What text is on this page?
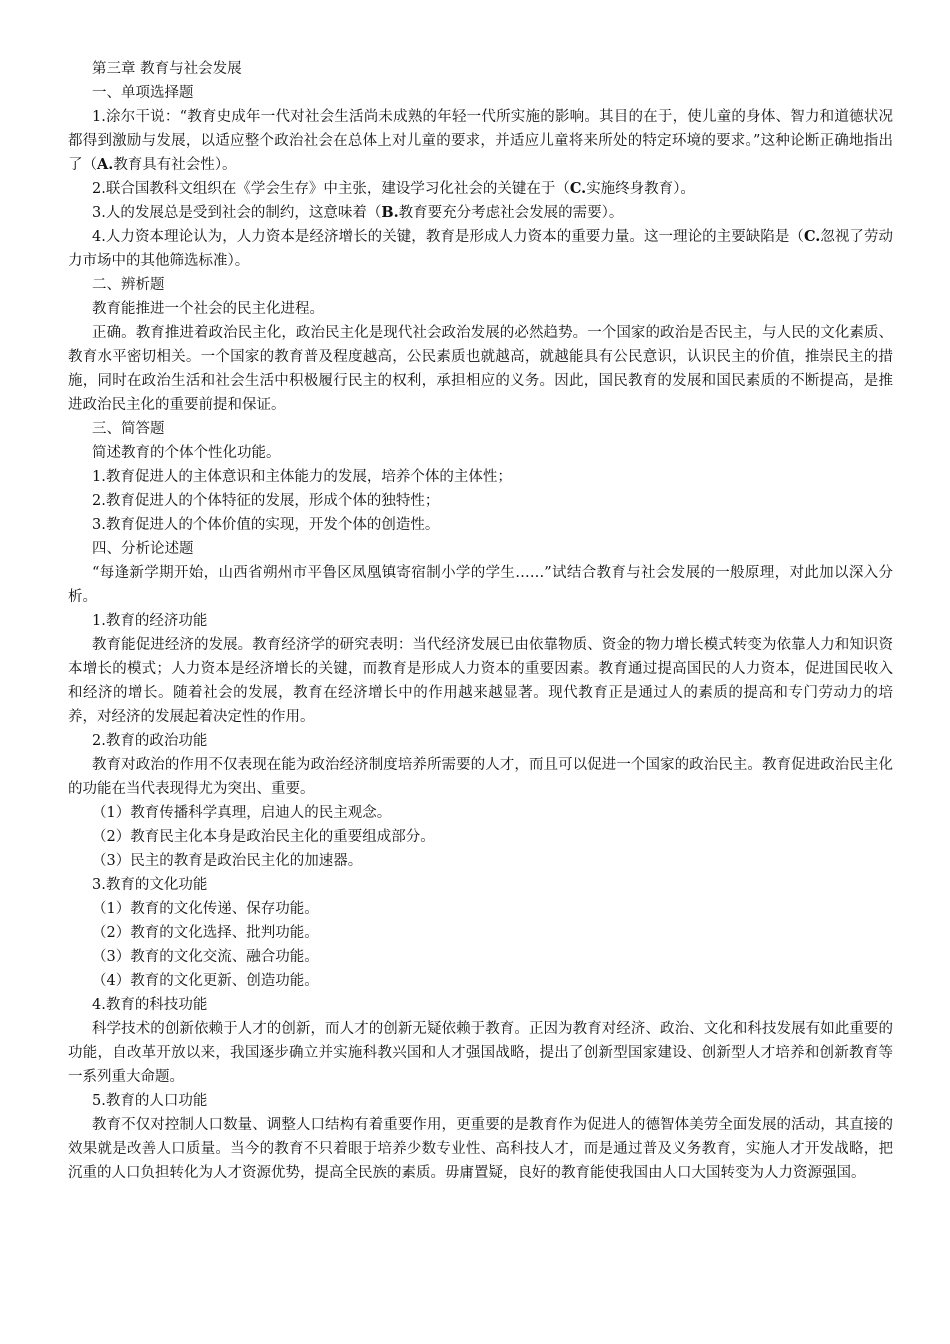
第三章 教育与社会发展

一、单项选择题

1.涂尔干说：“教育史成年一代对社会生活尚未成熟的年轻一代所实施的影响。其目的在于，使儿童的身体、智力和道德状况都得到激励与发展，以适应整个政治社会在总体上对儿童的要求，并适应儿童将来所处的特定环境的要求。”这种论断正确地指出了（A.教育具有社会性）。

2.联合国教科文组织在《学会生存》中主张，建设学习化社会的关键在于（C.实施终身教育）。

3.人的发展总是受到社会的制约，这意味着（B.教育要充分考虑社会发展的需要）。

4.人力资本理论认为，人力资本是经济增长的关键，教育是形成人力资本的重要力量。这一理论的主要缺陷是（C.忽视了劳动力市场中的其他筛选标准）。

二、辨析题

教育能推进一个社会的民主化进程。

正确。教育推进着政治民主化，政治民主化是现代社会政治发展的必然趋势。一个国家的政治是否民主，与人民的文化素质、教育水平密切相关。一个国家的教育普及程度越高，公民素质也就越高，就越能具有公民意识，认识民主的价值，推崇民主的措施，同时在政治生活和社会生活中积极履行民主的权利，承担相应的义务。因此，国民教育的发展和国民素质的不断提高，是推进政治民主化的重要前提和保证。

三、简答题

简述教育的个体个性化功能。

1.教育促进人的主体意识和主体能力的发展，培养个体的主体性；

2.教育促进人的个体特征的发展，形成个体的独特性；

3.教育促进人的个体价值的实现，开发个体的创造性。

四、分析论述题

“每逢新学期开始，山西省朔州市平鲁区凤凰镇寄宿制小学的学生……”试结合教育与社会发展的一般原理，对此加以深入分析。

1.教育的经济功能

教育能促进经济的发展。教育经济学的研究表明：当代经济发展已由依靠物质、资金的物力增长模式转变为依靠人力和知识资本增长的模式；人力资本是经济增长的关键，而教育是形成人力资本的重要因素。教育通过提高国民的人力资本，促进国民收入和经济的增长。随着社会的发展，教育在经济增长中的作用越来越显著。现代教育正是通过人的素质的提高和专门劳动力的培养，对经济的发展起着决定性的作用。

2.教育的政治功能

教育对政治的作用不仅表现在能为政治经济制度培养所需要的人才，而且可以促进一个国家的政治民主。教育促进政治民主化的功能在当代表现得尤为突出、重要。

（1）教育传播科学真理，启迪人的民主观念。

（2）教育民主化本身是政治民主化的重要组成部分。

（3）民主的教育是政治民主化的加速器。

3.教育的文化功能

（1）教育的文化传递、保存功能。

（2）教育的文化选择、批判功能。

（3）教育的文化交流、融合功能。

（4）教育的文化更新、创造功能。

4.教育的科技功能

科学技术的创新依赖于人才的创新，而人才的创新无疑依赖于教育。正因为教育对经济、政治、文化和科技发展有如此重要的功能，自改革开放以来，我国逐步确立并实施科教兴国和人才强国战略，提出了创新型国家建设、创新型人才培养和创新教育等一系列重大命题。

5.教育的人口功能

教育不仅对控制人口数量、调整人口结构有着重要作用，更重要的是教育作为促进人的德智体美劳全面发展的活动，其直接的效果就是改善人口质量。当今的教育不只着眼于培养少数专业性、高科技人才，而是通过普及义务教育，实施人才开发战略，把沉重的人口负担转化为人才资源优势，提高全民族的素质。毋庸置疑，良好的教育能使我国由人口大国转变为人力资源强国。
